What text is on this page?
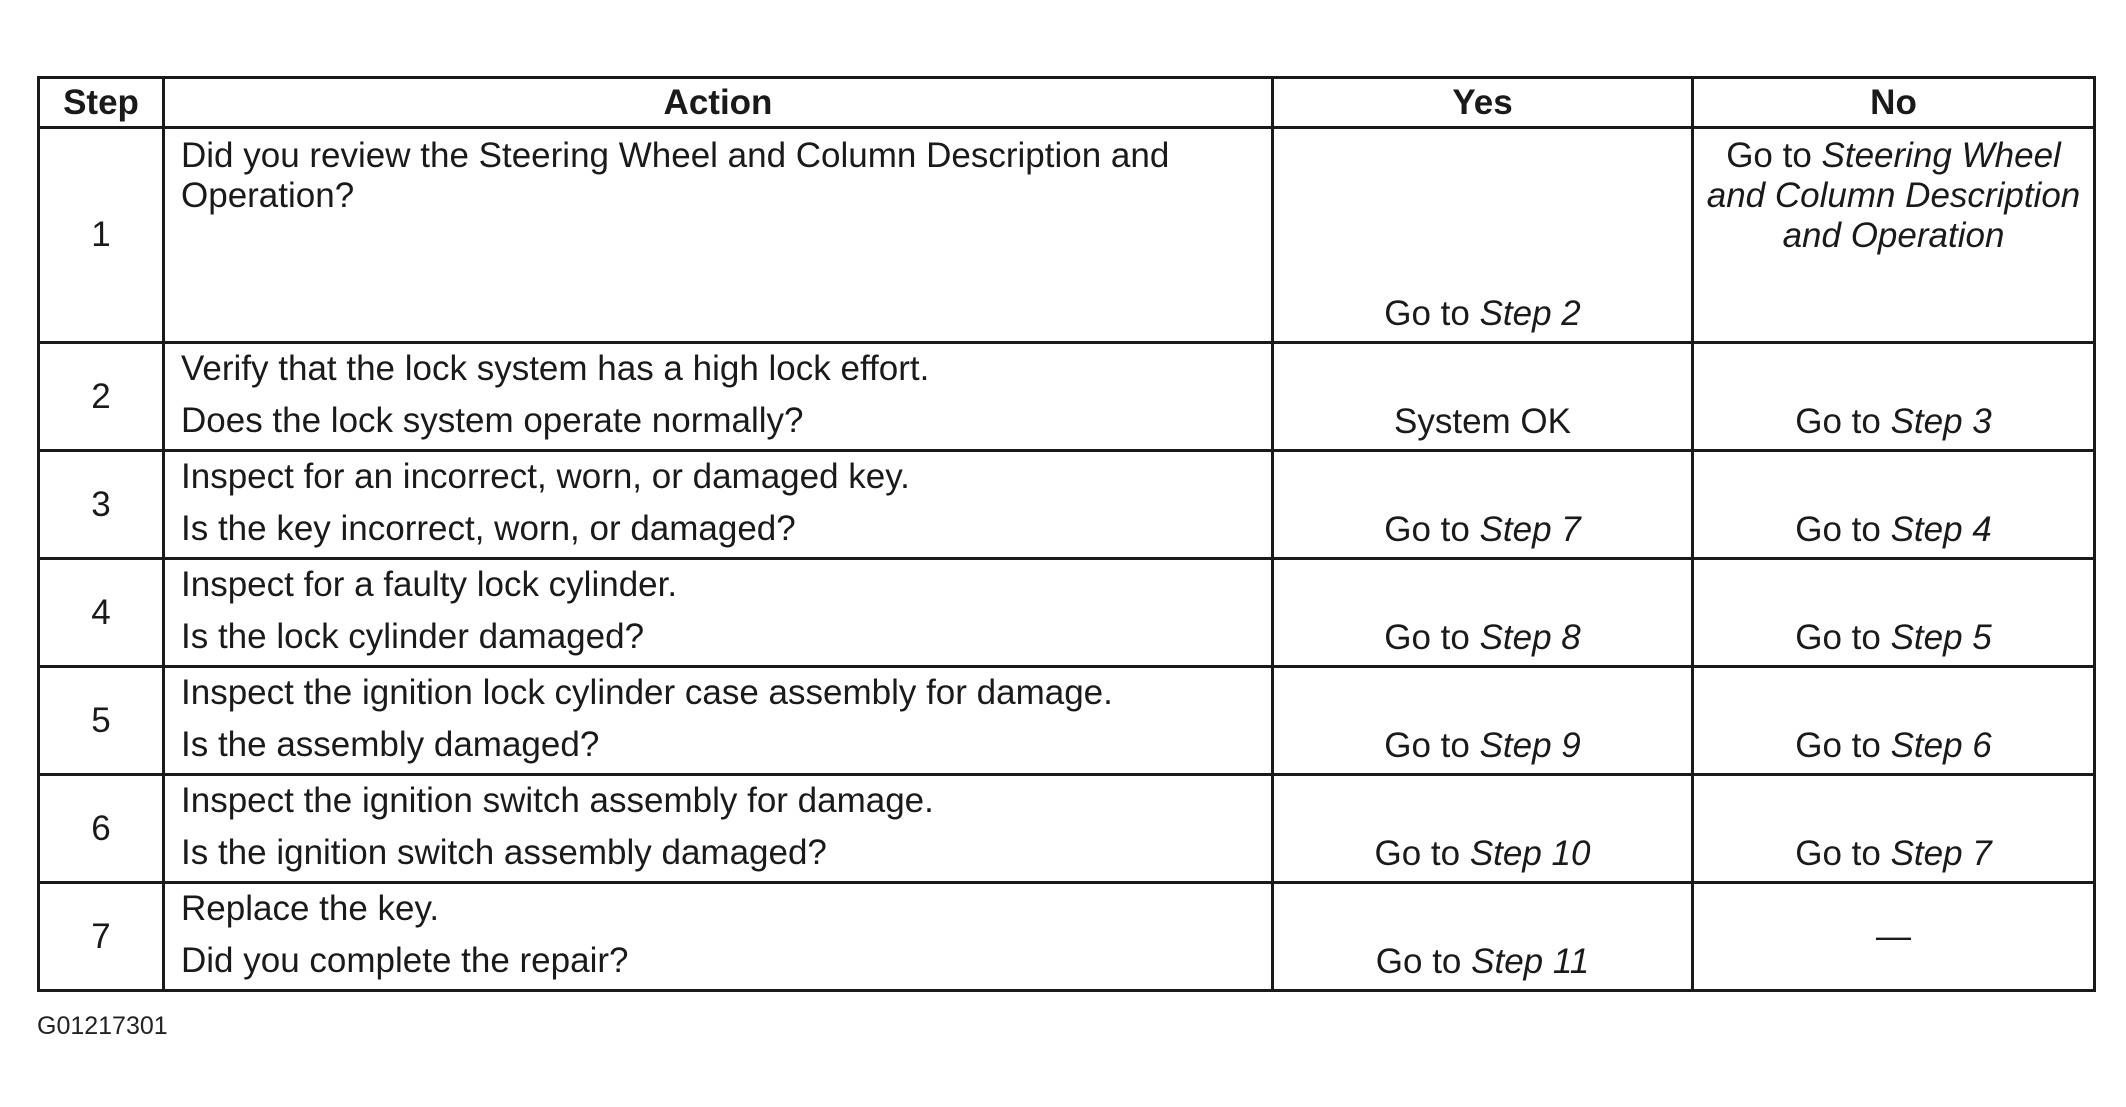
Step	Action	Yes	No
1	Did you review the Steering Wheel and Column Description and Operation?	Go to Step 2	Go to Steering Wheel and Column Description and Operation

2	Verify that the lock system has a high lock effort.
Does the lock system operate normally?	System OK	Go to Step 3

3	Inspect for an incorrect, worn, or damaged key.
Is the key incorrect, worn, or damaged?	Go to Step 7	Go to Step 4

4	Inspect for a faulty lock cylinder.
Is the lock cylinder damaged?	Go to Step 8	Go to Step 5

5	Inspect the ignition lock cylinder case assembly for damage.
Is the assembly damaged?	Go to Step 9	Go to Step 6

6	Inspect the ignition switch assembly for damage.
Is the ignition switch assembly damaged?	Go to Step 10	Go to Step 7

7	Replace the key.
Did you complete the repair?	Go to Step 11	—
G01217301
